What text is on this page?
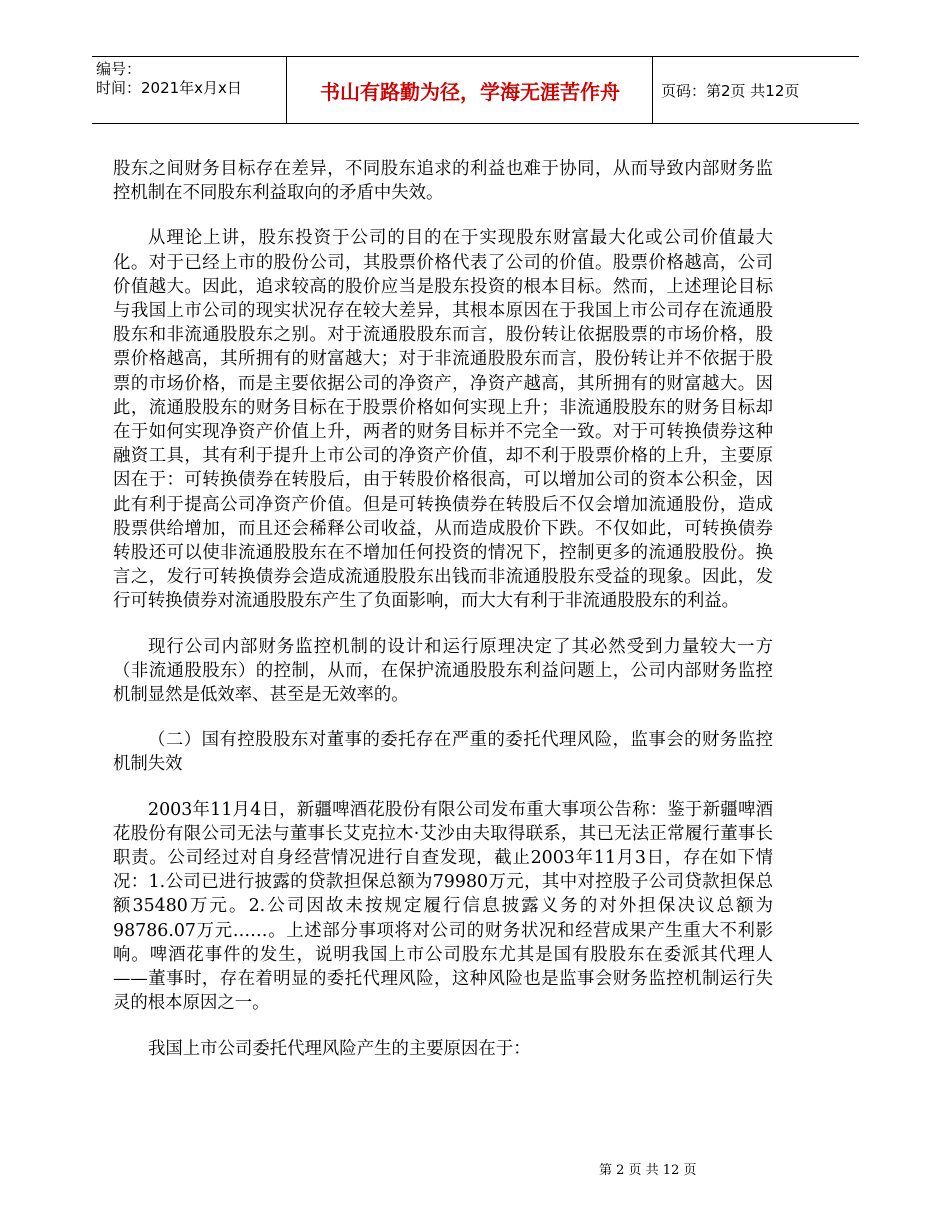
编号：
时间：2021年x月x日	书山有路勤为径，学海无涯苦作舟	页码：第2页 共12页

股东之间财务目标存在差异，不同股东追求的利益也难于协同，从而导致内部财务监控机制在不同股东利益取向的矛盾中失效。

从理论上讲，股东投资于公司的目的在于实现股东财富最大化或公司价值最大化。对于已经上市的股份公司，其股票价格代表了公司的价值。股票价格越高，公司价值越大。因此，追求较高的股价应当是股东投资的根本目标。然而，上述理论目标与我国上市公司的现实状况存在较大差异，其根本原因在于我国上市公司存在流通股股东和非流通股股东之别。对于流通股股东而言，股份转让依据股票的市场价格，股票价格越高，其所拥有的财富越大；对于非流通股股东而言，股份转让并不依据于股票的市场价格，而是主要依据公司的净资产，净资产越高，其所拥有的财富越大。因此，流通股股东的财务目标在于股票价格如何实现上升；非流通股股东的财务目标却在于如何实现净资产价值上升，两者的财务目标并不完全一致。对于可转换债券这种融资工具，其有利于提升上市公司的净资产价值，却不利于股票价格的上升，主要原因在于：可转换债券在转股后，由于转股价格很高，可以增加公司的资本公积金，因此有利于提高公司净资产价值。但是可转换债券在转股后不仅会增加流通股份，造成股票供给增加，而且还会稀释公司收益，从而造成股价下跌。不仅如此，可转换债券转股还可以使非流通股股东在不增加任何投资的情况下，控制更多的流通股股份。换言之，发行可转换债券会造成流通股股东出钱而非流通股股东受益的现象。因此，发行可转换债券对流通股股东产生了负面影响，而大大有利于非流通股股东的利益。

现行公司内部财务监控机制的设计和运行原理决定了其必然受到力量较大一方（非流通股股东）的控制，从而，在保护流通股股东利益问题上，公司内部财务监控机制显然是低效率、甚至是无效率的。

（二）国有控股股东对董事的委托存在严重的委托代理风险，监事会的财务监控机制失效

2003年11月4日，新疆啤酒花股份有限公司发布重大事项公告称：鉴于新疆啤酒花股份有限公司无法与董事长艾克拉木·艾沙由夫取得联系，其已无法正常履行董事长职责。公司经过对自身经营情况进行自查发现，截止2003年11月3日，存在如下情况：1.公司已进行披露的贷款担保总额为79980万元，其中对控股子公司贷款担保总额35480万元。2.公司因故未按规定履行信息披露义务的对外担保决议总额为98786.07万元……。上述部分事项将对公司的财务状况和经营成果产生重大不利影响。啤酒花事件的发生，说明我国上市公司股东尤其是国有股股东在委派其代理人——董事时，存在着明显的委托代理风险，这种风险也是监事会财务监控机制运行失灵的根本原因之一。

我国上市公司委托代理风险产生的主要原因在于：

第 2 页 共 12 页
